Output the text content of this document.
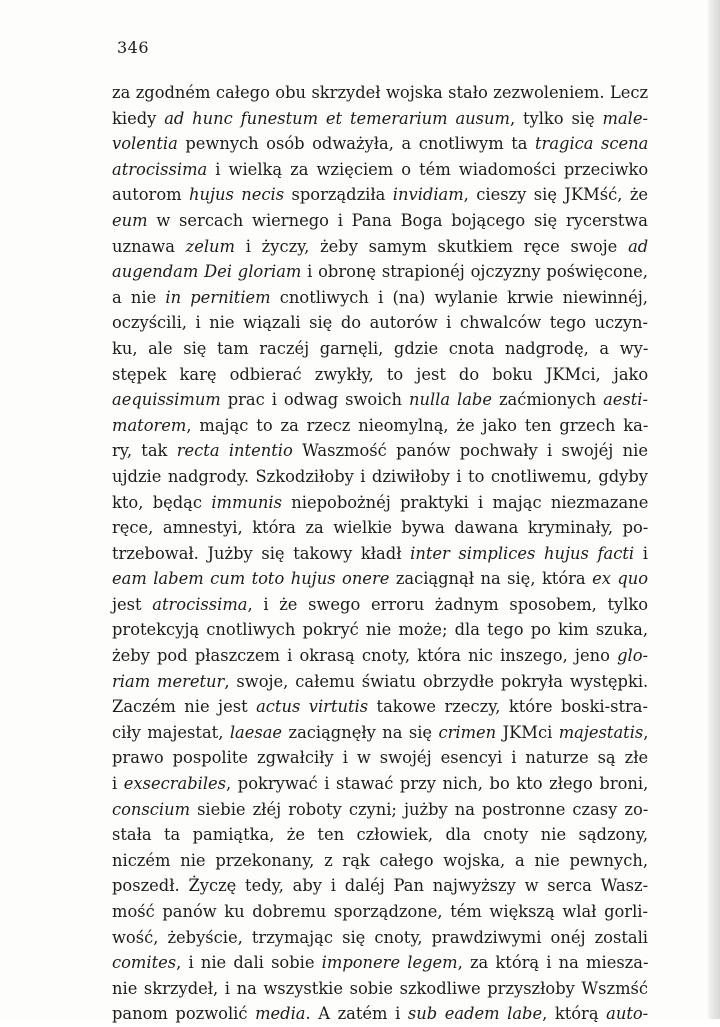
346
za zgodném całego obu skrzydeł wojska stało zezwoleniem. Lecz
kiedy ad hunc funestum et temerarium ausum, tylko się male-
volentia pewnych osób odważyła, a cnotliwym ta tragica scena
atrocissima i wielką za wzięciem o tém wiadomości przeciwko
autorom hujus necis sporządziła invidiam, cieszy się JKMść, że
eum w sercach wiernego i Pana Boga bojącego się rycerstwa
uznawa zelum i życzy, żeby samym skutkiem ręce swoje ad
augendam Dei gloriam i obronę strapionéj ojczyzny poświęcone,
a nie in pernitiem cnotliwych i (na) wylanie krwie niewinnéj,
oczyścili, i nie wiązali się do autorów i chwalców tego uczyn-
ku, ale się tam raczéj garnęli, gdzie cnota nadgrodę, a wy-
stępek karę odbierać zwykły, to jest do boku JKMci, jako
aequissimum prac i odwag swoich nulla labe zaćmionych aesti-
matorem, mając to za rzecz nieomylną, że jako ten grzech ka-
ry, tak recta intentio Waszmość panów pochwały i swojéj nie
ujdzie nadgrody. Szkodziłoby i dziwiłoby i to cnotliwemu, gdyby
kto, będąc immunis niepobożnéj praktyki i mając niezmazane
ręce, amnestyi, która za wielkie bywa dawana kryminały, po-
trzebował. Jużby się takowy kładł inter simplices hujus facti i
eam labem cum toto hujus onere zaciągnął na się, która ex quo
jest atrocissima, i że swego erroru żadnym sposobem, tylko
protekcyją cnotliwych pokryć nie może; dla tego po kim szuka,
żeby pod płaszczem i okrasą cnoty, która nic inszego, jeno glo-
riam meretur, swoje, całemu światu obrzydłe pokryła występki.
Zaczém nie jest actus virtutis takowe rzeczy, które boski-stra-
ciły majestat, laesae zaciągnęły na się crimen JKMci majestatis,
prawo pospolite zgwałciły i w swojéj esencyi i naturze są złe
i exsecrabiles, pokrywać i stawać przy nich, bo kto złego broni,
conscium siebie złéj roboty czyni; jużby na postronne czasy zo-
stała ta pamiątka, że ten człowiek, dla cnoty nie sądzony,
niczém nie przekonany, z rąk całego wojska, a nie pewnych,
poszedł. Życzę tedy, aby i daléj Pan najwyższy w serca Wasz-
mość panów ku dobremu sporządzone, tém większą wlał gorli-
wość, żebyście, trzymając się cnoty, prawdziwymi onéj zostali
comites, i nie dali sobie imponere legem, za którą i na miesza-
nie skrzydeł, i na wszystkie sobie szkodliwe przyszłoby Wszmść
panom pozwolić media. A zatém i sub eadem labe, którą auto-
